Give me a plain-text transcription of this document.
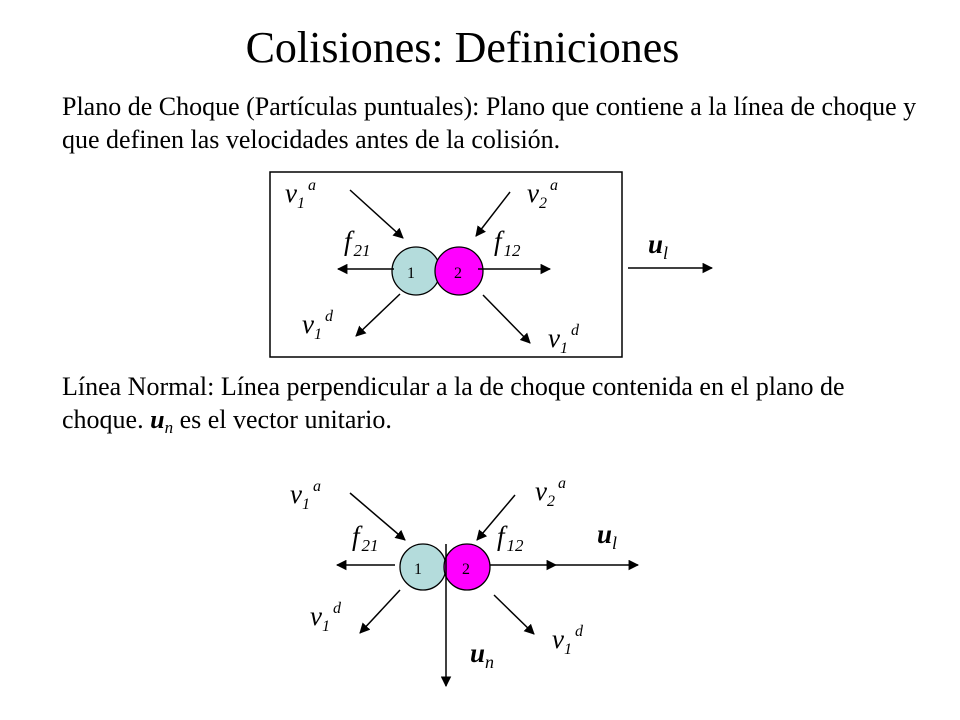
Colisiones: Definiciones
Plano de Choque (Partículas puntuales): Plano que contiene a la línea de choque y que definen las velocidades antes de la colisión.
Línea Normal: Línea perpendicular a la de choque contenida en el plano de choque. $u_n$ es el vector unitario.
1 2
$v_1^a$	$v_2^a$
f $_{21}$	f $_{12}$
$v_1^d$
$v_1^d$
$u_l$
1	2
$v_1^a$	$v_2^a$
f $_{21}$	f $_{12}$
$v_1^d$
$v_1^d$
$u_l$
$u_n$
